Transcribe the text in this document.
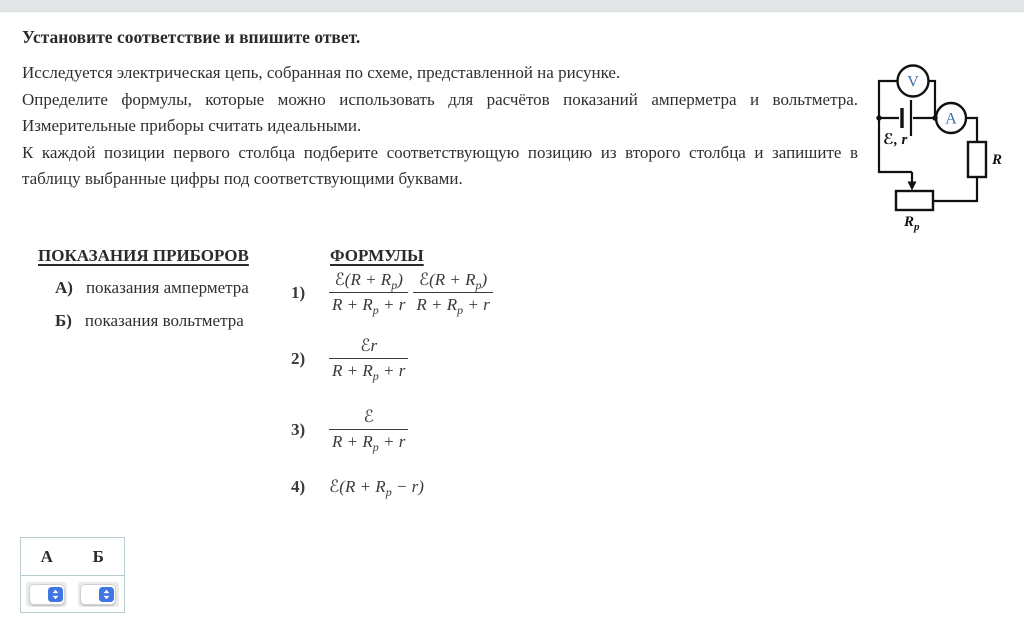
Установите соответствие и впишите ответ.

Исследуется электрическая цепь, собранная по схеме, представленной на рисунке.

Определите формулы, которые можно использовать для расчётов показаний амперметра и вольтметра.

Измерительные приборы считать идеальными.

К каждой позиции первого столбца подберите соответствующую позицию из второго столбца и запишите в таблицу выбранные цифры под соответствующими буквами.

V
A
ℰ, r
R
$R_p$
ПОКАЗАНИЯ ПРИБОРОВ
А) показания амперметра
Б) показания вольтметра
ФОРМУЛЫ
1)	$\frac{ℰ(R + R_p)}{R + R_p + r} \frac{ℰ(R + R_p)}{R + R_p + r}$
2)	$\frac{\text{ℰr}}{R + R_p + r}$
3)	$\frac{\text{ℰ}}{R + R_p + r}$
4)	ℰ(R + $R_p - r$)
А	Б
